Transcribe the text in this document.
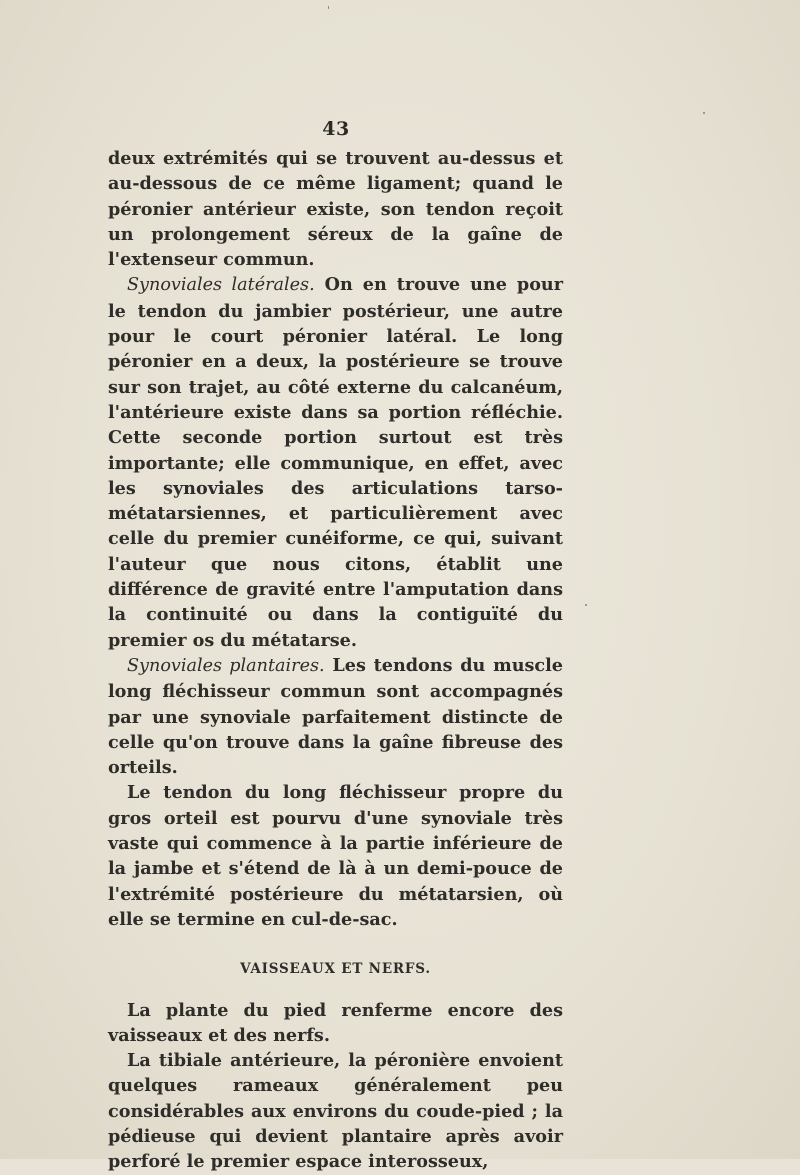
43

deux extrémités qui se trouvent au-dessus et au-dessous de ce même ligament; quand le péronier antérieur existe, son tendon reçoit un prolongement séreux de la gaîne de l'extenseur commun.

Synoviales latérales. On en trouve une pour le tendon du jambier postérieur, une autre pour le court péronier latéral. Le long péronier en a deux, la postérieure se trouve sur son trajet, au côté externe du calcanéum, l'antérieure existe dans sa portion réfléchie. Cette seconde portion surtout est très importante; elle communique, en effet, avec les synoviales des articulations tarso-métatarsiennes, et particulièrement avec celle du premier cunéiforme, ce qui, suivant l'auteur que nous citons, établit une différence de gravité entre l'amputation dans la continuité ou dans la contiguïté du premier os du métatarse.

Synoviales plantaires. Les tendons du muscle long fléchisseur commun sont accompagnés par une synoviale parfaitement distincte de celle qu'on trouve dans la gaîne fibreuse des orteils.

Le tendon du long fléchisseur propre du gros orteil est pourvu d'une synoviale très vaste qui commence à la partie inférieure de la jambe et s'étend de là à un demi-pouce de l'extrémité postérieure du métatarsien, où elle se termine en cul-de-sac.

VAISSEAUX ET NERFS.

La plante du pied renferme encore des vaisseaux et des nerfs.

La tibiale antérieure, la péronière envoient quelques rameaux généralement peu considérables aux environs du coude-pied ; la pédieuse qui devient plantaire après avoir perforé le premier espace interosseux,
